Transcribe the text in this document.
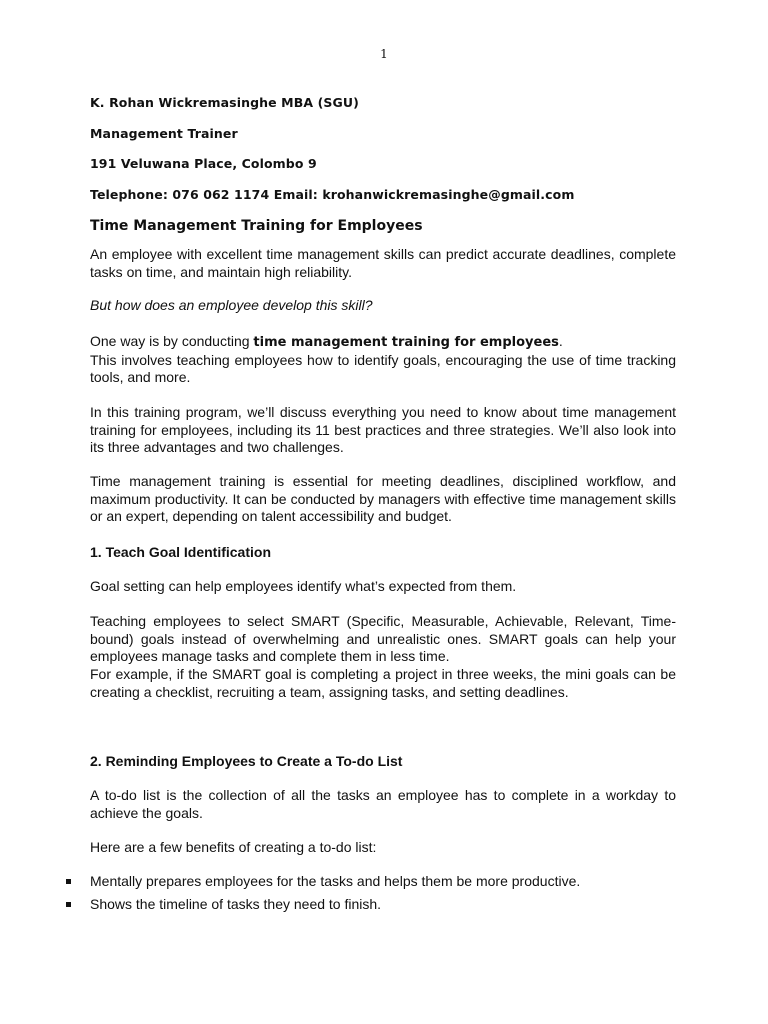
1
K. Rohan Wickremasinghe MBA (SGU)
Management Trainer
191 Veluwana Place, Colombo 9
Telephone: 076 062 1174 Email: krohanwickremasinghe@gmail.com
Time Management Training for Employees
An employee with excellent time management skills can predict accurate deadlines, complete tasks on time, and maintain high reliability.
But how does an employee develop this skill?
One way is by conducting time management training for employees.
This involves teaching employees how to identify goals, encouraging the use of time tracking tools, and more.
In this training program, we’ll discuss everything you need to know about time management training for employees, including its 11 best practices and three strategies. We’ll also look into its three advantages and two challenges.
Time management training is essential for meeting deadlines, disciplined workflow, and maximum productivity. It can be conducted by managers with effective time management skills or an expert, depending on talent accessibility and budget.
1. Teach Goal Identification
Goal setting can help employees identify what’s expected from them.
Teaching employees to select SMART (Specific, Measurable, Achievable, Relevant, Time-bound) goals instead of overwhelming and unrealistic ones. SMART goals can help your employees manage tasks and complete them in less time.
For example, if the SMART goal is completing a project in three weeks, the mini goals can be creating a checklist, recruiting a team, assigning tasks, and setting deadlines.
2. Reminding Employees to Create a To-do List
A to-do list is the collection of all the tasks an employee has to complete in a workday to achieve the goals.
Here are a few benefits of creating a to-do list:
Mentally prepares employees for the tasks and helps them be more productive.
Shows the timeline of tasks they need to finish.
